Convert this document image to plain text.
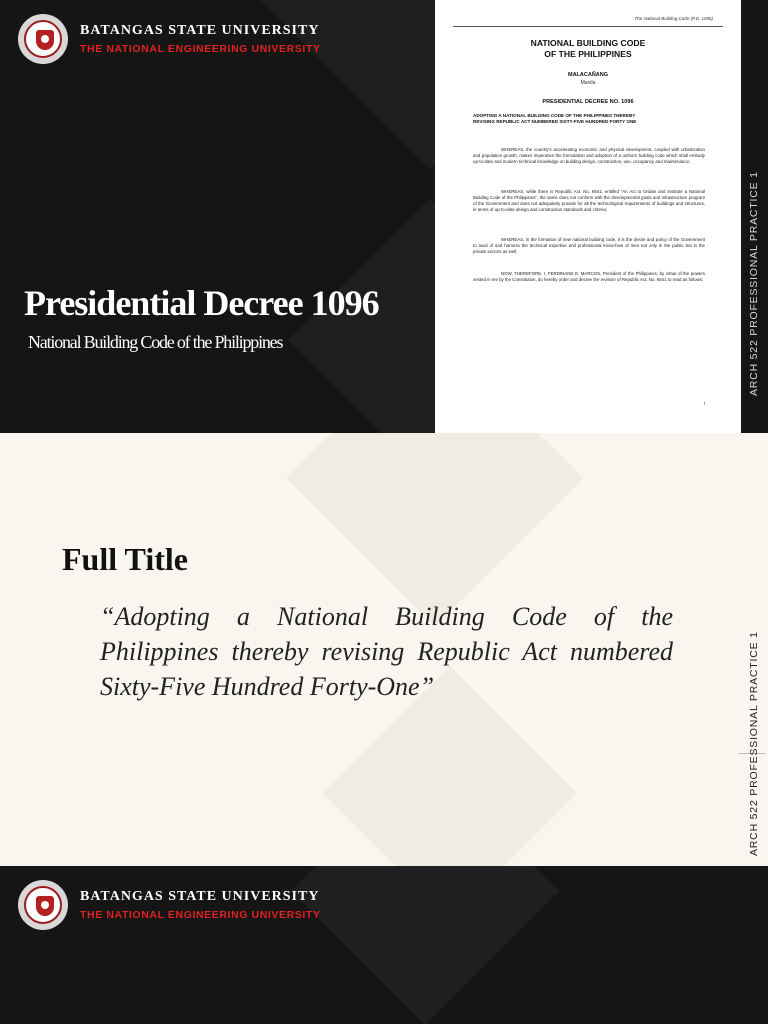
BATANGAS STATE UNIVERSITY
THE NATIONAL ENGINEERING UNIVERSITY
Presidential Decree 1096
National Building Code of the Philippines
The National Building Code (P.D. 1096)
NATIONAL BUILDING CODE
OF THE PHILIPPINES
MALACAÑANG
Manila
PRESIDENTIAL DECREE NO. 1096
ADOPTING A NATIONAL BUILDING CODE OF THE PHILIPPINES THEREBY
REVISING REPUBLIC ACT NUMBERED SIXTY-FIVE HUNDRED FORTY ONE
WHEREAS, the country's accelerating economic and physical development, coupled with urbanization and population growth, makes imperative the formulation and adoption of a uniform building code which shall embody up-to-date and modern technical knowledge on building design, construction, use, occupancy and maintenance;
WHEREAS, while there is Republic Act. No. 6541, entitled "An Act to Ordain and Institute a National Building Code of the Philippines", the same does not conform with the developmental goals and infrastructure program of the Government and does not adequately provide for all the technological requirements of buildings and structures, in terms of up-to-date design and construction standards and criteria;
WHEREAS, in the formation of new national building code, it is the desire and policy of the Government to avail of and harness the technical expertise and professional know-how of men not only in the public but in the private sectors as well,
NOW, THEREFORE, I, FERDINAND E. MARCOS, President of the Philippines, by virtue of the powers vested in me by the Constitution, do hereby order and decree the revision of Republic Act. No. 6541 to read as follows:
i
ARCH 522 PROFESSIONAL PRACTICE 1
Full Title
“Adopting a National Building Code of the Philippines thereby revising Republic Act numbered Sixty-Five Hundred Forty-One”	ARCH 522 PROFESSIONAL PRACTICE 1
BATANGAS STATE UNIVERSITY
THE NATIONAL ENGINEERING UNIVERSITY
